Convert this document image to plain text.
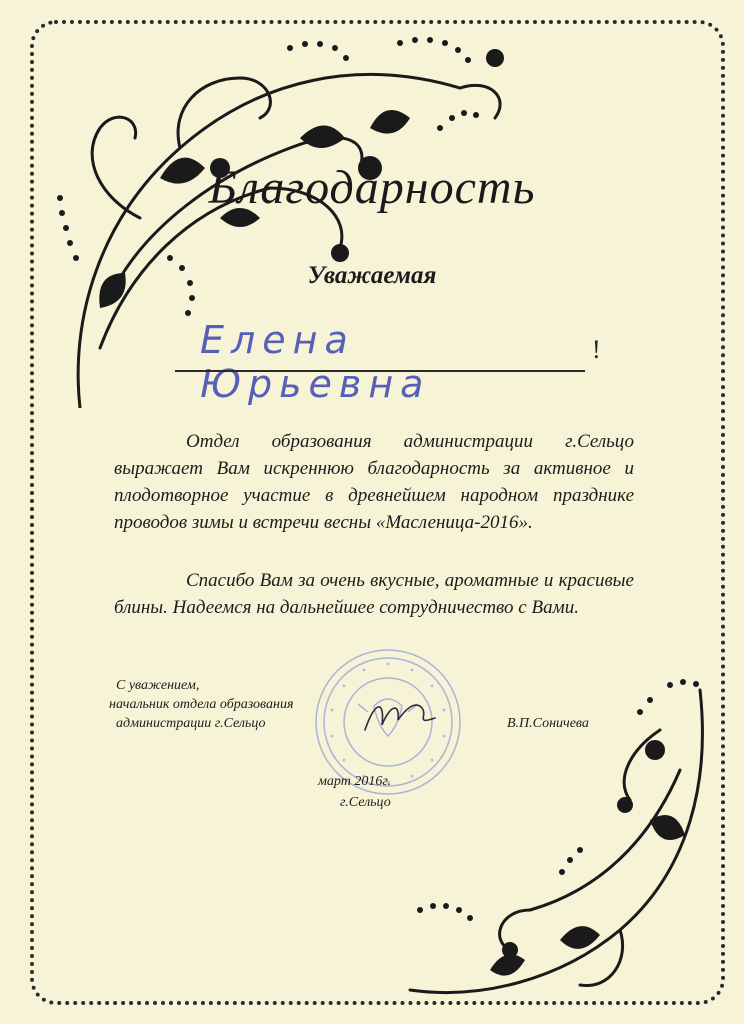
Благодарность
Уважаемая
Елена Юрьевна
!
Отдел образования администрации г.Сельцо выражает Вам искреннюю благодарность за активное и плодотворное участие в древнейшем народном празднике проводов зимы и встречи весны «Масленица-2016».
Спасибо Вам за очень вкусные, ароматные и красивые блины. Надеемся на дальнейшее сотрудничество с Вами.
С уважением,
начальник отдела образования
администрации г.Сельцо	В.П.Соничева
март 2016г.
г.Сельцо
